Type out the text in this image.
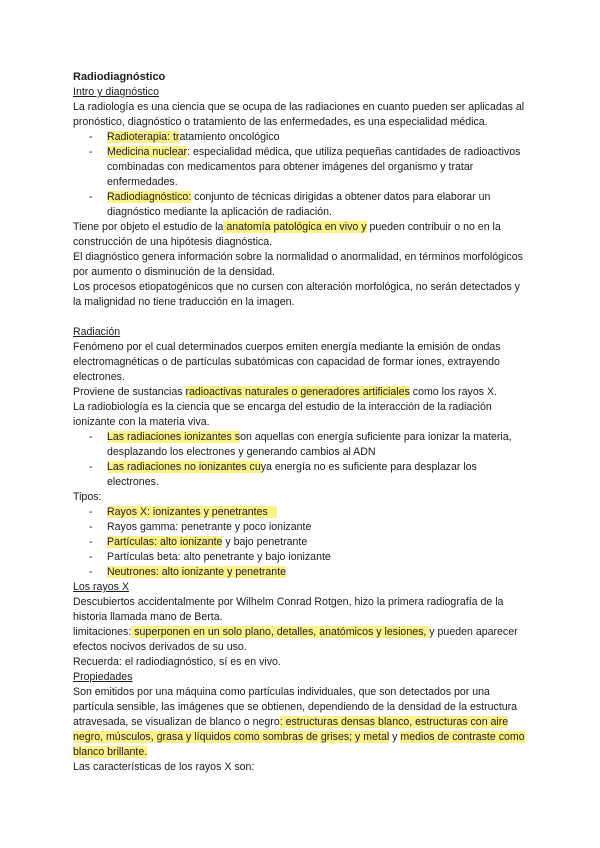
Radiodiagnóstico

Intro y diagnóstico

La radiología es una ciencia que se ocupa de las radiaciones en cuanto pueden ser aplicadas al pronóstico, diagnóstico o tratamiento de las enfermedades, es una especialidad médica.

- Radioterapia: tratamiento oncológico
- Medicina nuclear: especialidad médica, que utiliza pequeñas cantidades de radioactivos combinadas con medicamentos para obtener imágenes del organismo y tratar enfermedades.
- Radiodiagnóstico: conjunto de técnicas dirigidas a obtener datos para elaborar un diagnóstico mediante la aplicación de radiación.

Tiene por objeto el estudio de la anatomía patológica en vivo y pueden contribuir o no en la construcción de una hipótesis diagnóstica.

El diagnóstico genera información sobre la normalidad o anormalidad, en términos morfológicos por aumento o disminución de la densidad.

Los procesos etiopatogénicos que no cursen con alteración morfológica, no serán detectados y la malignidad no tiene traducción en la imagen.

Radiación

Fenómeno por el cual determinados cuerpos emiten energía mediante la emisión de ondas electromagnéticas o de partículas subatómicas con capacidad de formar iones, extrayendo electrones.

Proviene de sustancias radioactivas naturales o generadores artificiales como los rayos X.

La radiobiología es la ciencia que se encarga del estudio de la interacción de la radiación ionizante con la materia viva.

- Las radiaciones ionizantes son aquellas con energía suficiente para ionizar la materia, desplazando los electrones y generando cambios al ADN
- Las radiaciones no ionizantes cuya energía no es suficiente para desplazar los electrones.

Tipos:

- Rayos X: ionizantes y penetrantes
- Rayos gamma: penetrante y poco ionizante
- Partículas: alto ionizante y bajo penetrante
- Partículas beta: alto penetrante y bajo ionizante
- Neutrones: alto ionizante y penetrante

Los rayos X

Descubiertos accidentalmente por Wilhelm Conrad Rotgen, hizo la primera radiografía de la historia llamada mano de Berta.

limitaciones: superponen en un solo plano, detalles, anatómicos y lesiones, y pueden aparecer efectos nocivos derivados de su uso.

Recuerda: el radiodiagnóstico, sí es en vivo.

Propiedades

Son emitidos por una máquina como partículas individuales, que son detectados por una partícula sensible, las imágenes que se obtienen, dependiendo de la densidad de la estructura atravesada, se visualizan de blanco o negro: estructuras densas blanco, estructuras con aire negro, músculos, grasa y líquidos como sombras de grises; y metal y medios de contraste como blanco brillante.

Las características de los rayos X son:
